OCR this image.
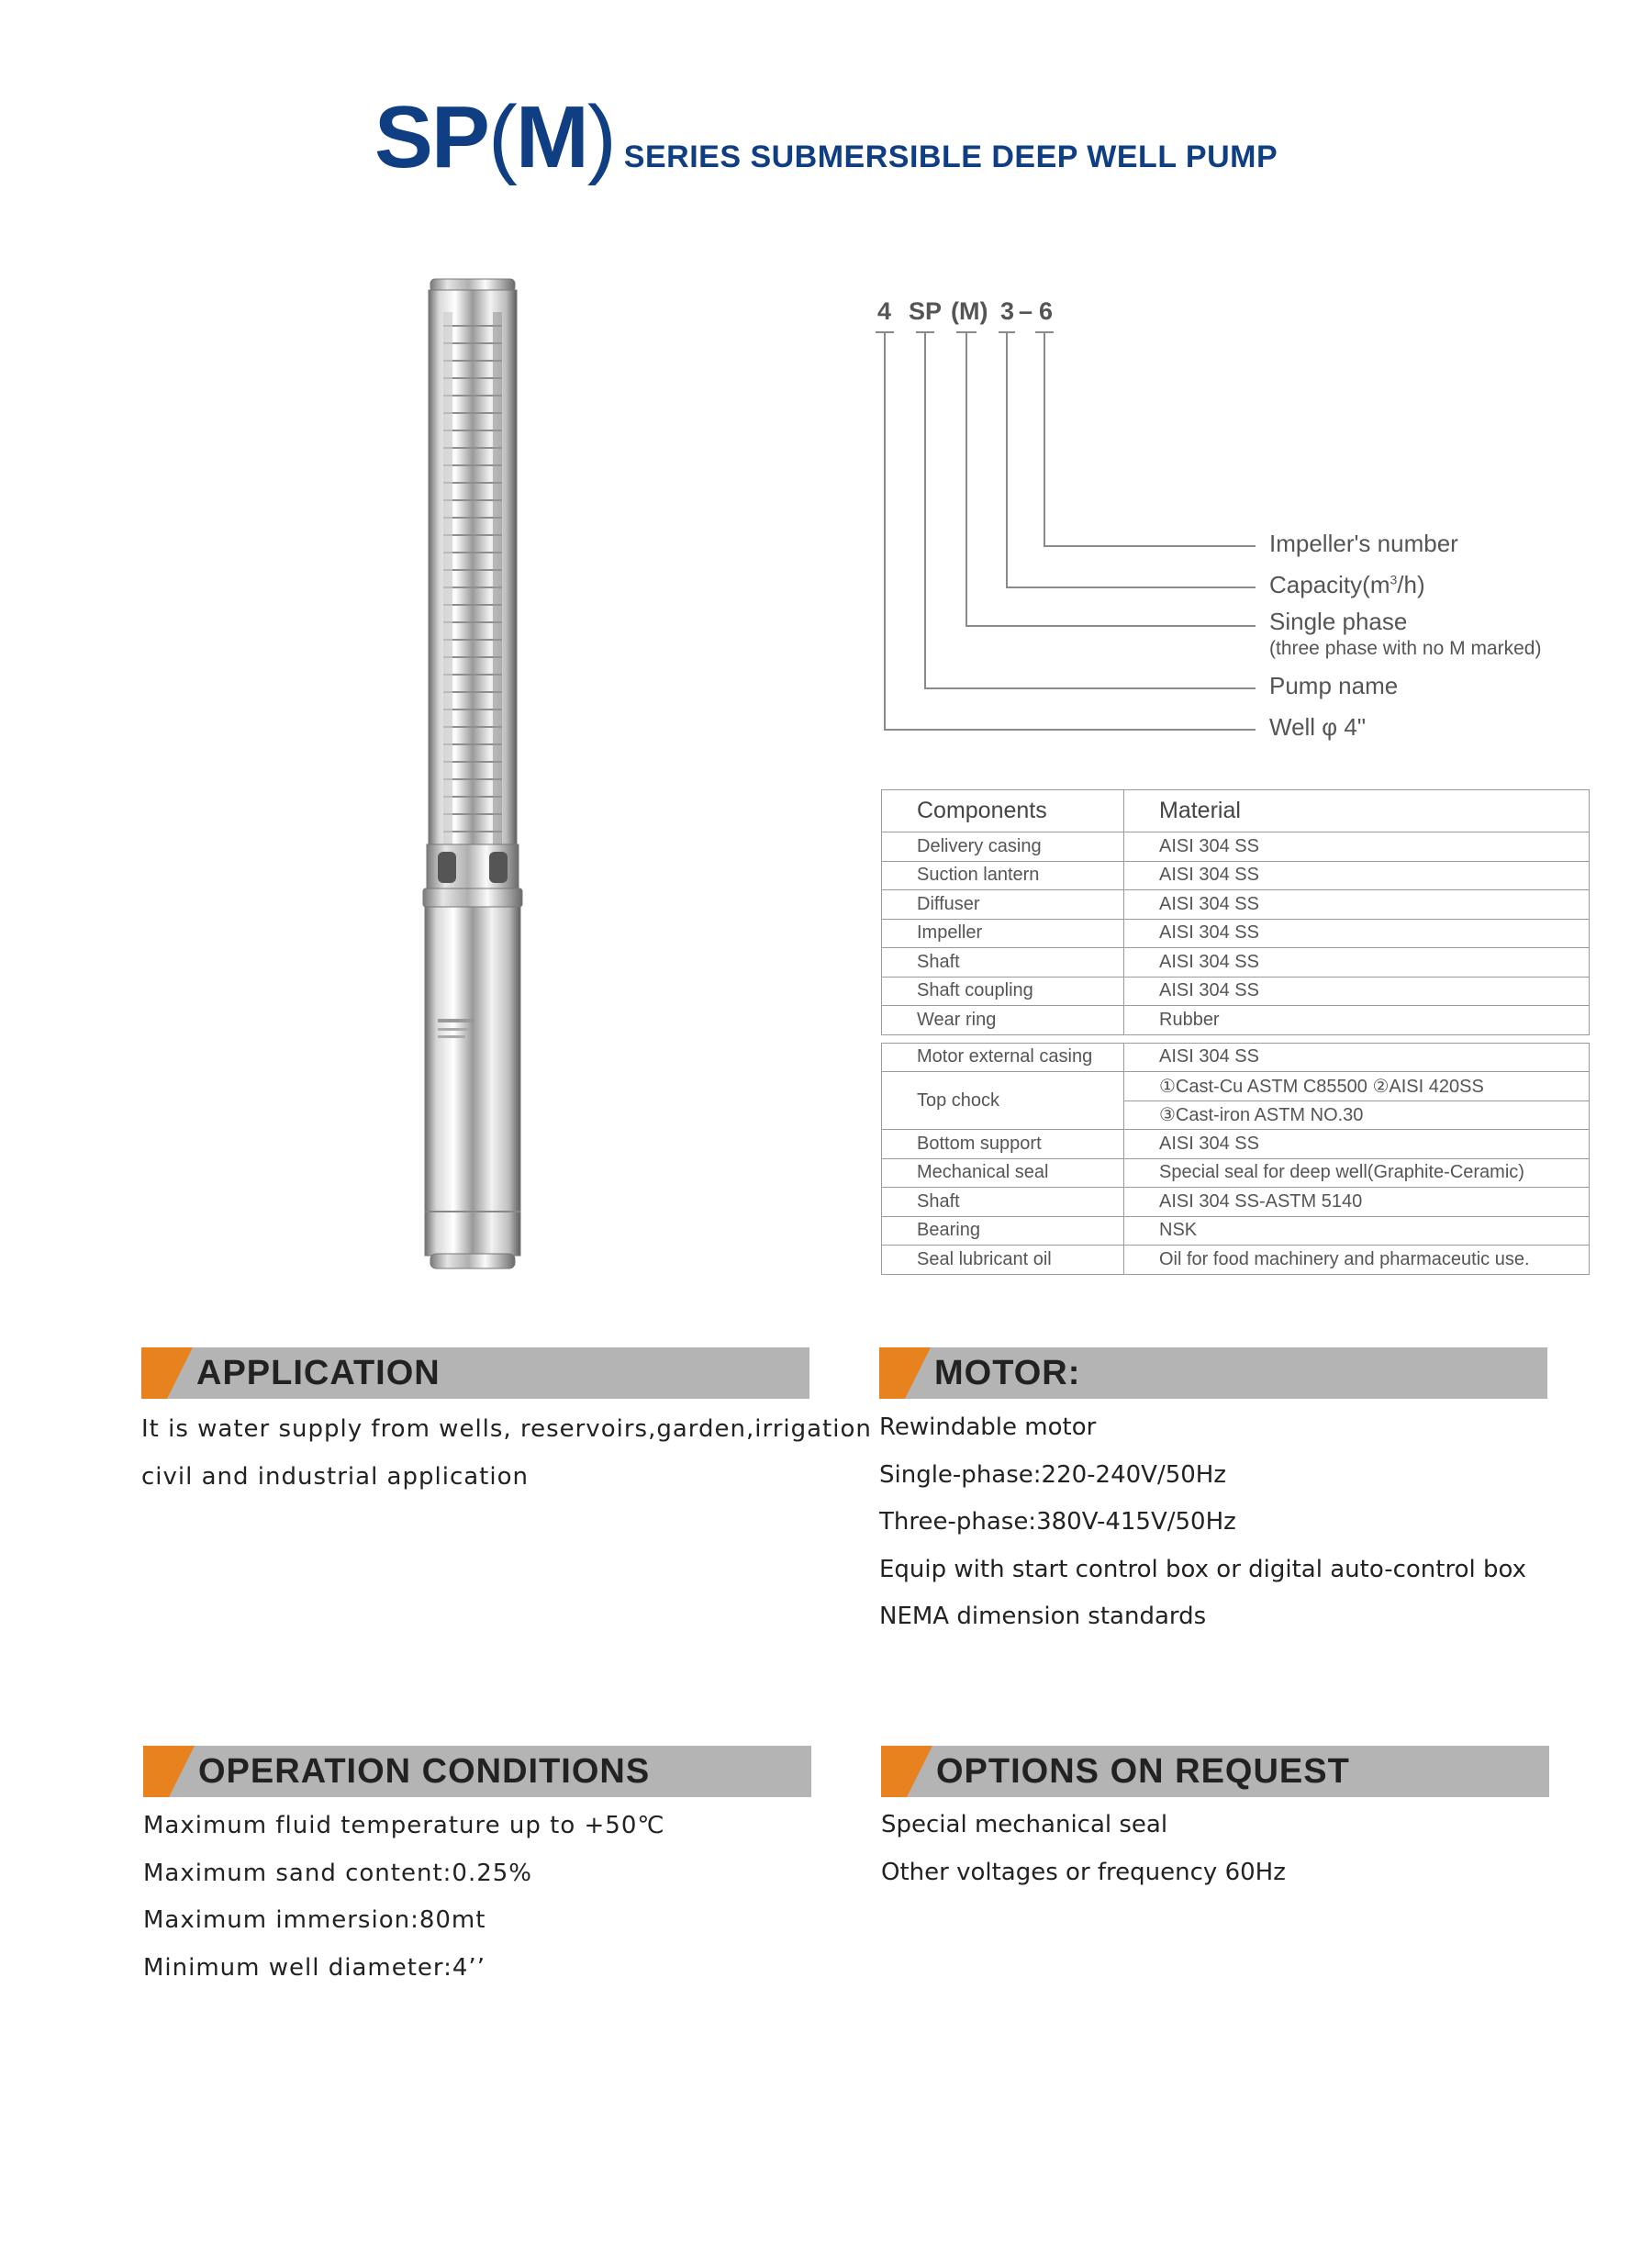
SP(M) SERIES SUBMERSIBLE DEEP WELL PUMP
4 SP (M) 3 – 6
Impeller's number
$Capacity(m^3/h)$
Single phase
(three phase with no M marked)
Pump name
Well φ 4"
Components	Material
Delivery casing	AISI 304 SS
Suction lantern	AISI 304 SS
Diffuser	AISI 304 SS
Impeller	AISI 304 SS
Shaft	AISI 304 SS
Shaft coupling	AISI 304 SS
Wear ring	Rubber

Motor external casing	AISI 304 SS
Top chock	①Cast-Cu ASTM C85500 ②AISI 420SS
	③Cast-iron ASTM NO.30
Bottom support	AISI 304 SS
Mechanical seal	Special seal for deep well(Graphite-Ceramic)
Shaft	AISI 304 SS-ASTM 5140
Bearing	NSK
Seal lubricant oil	Oil for food machinery and pharmaceutic use.
APPLICATION
It is water supply from wells, reservoirs,garden,irrigation
civil and industrial application
MOTOR:
Rewindable motor
Single-phase:220-240V/50Hz
Three-phase:380V-415V/50Hz
Equip with start control box or digital auto-control box
NEMA dimension standards
OPERATION CONDITIONS
Maximum fluid temperature up to +50℃
Maximum sand content:0.25%
Maximum immersion:80mt
Minimum well diameter:4’’
OPTIONS ON REQUEST
Special mechanical seal
Other voltages or frequency 60Hz
